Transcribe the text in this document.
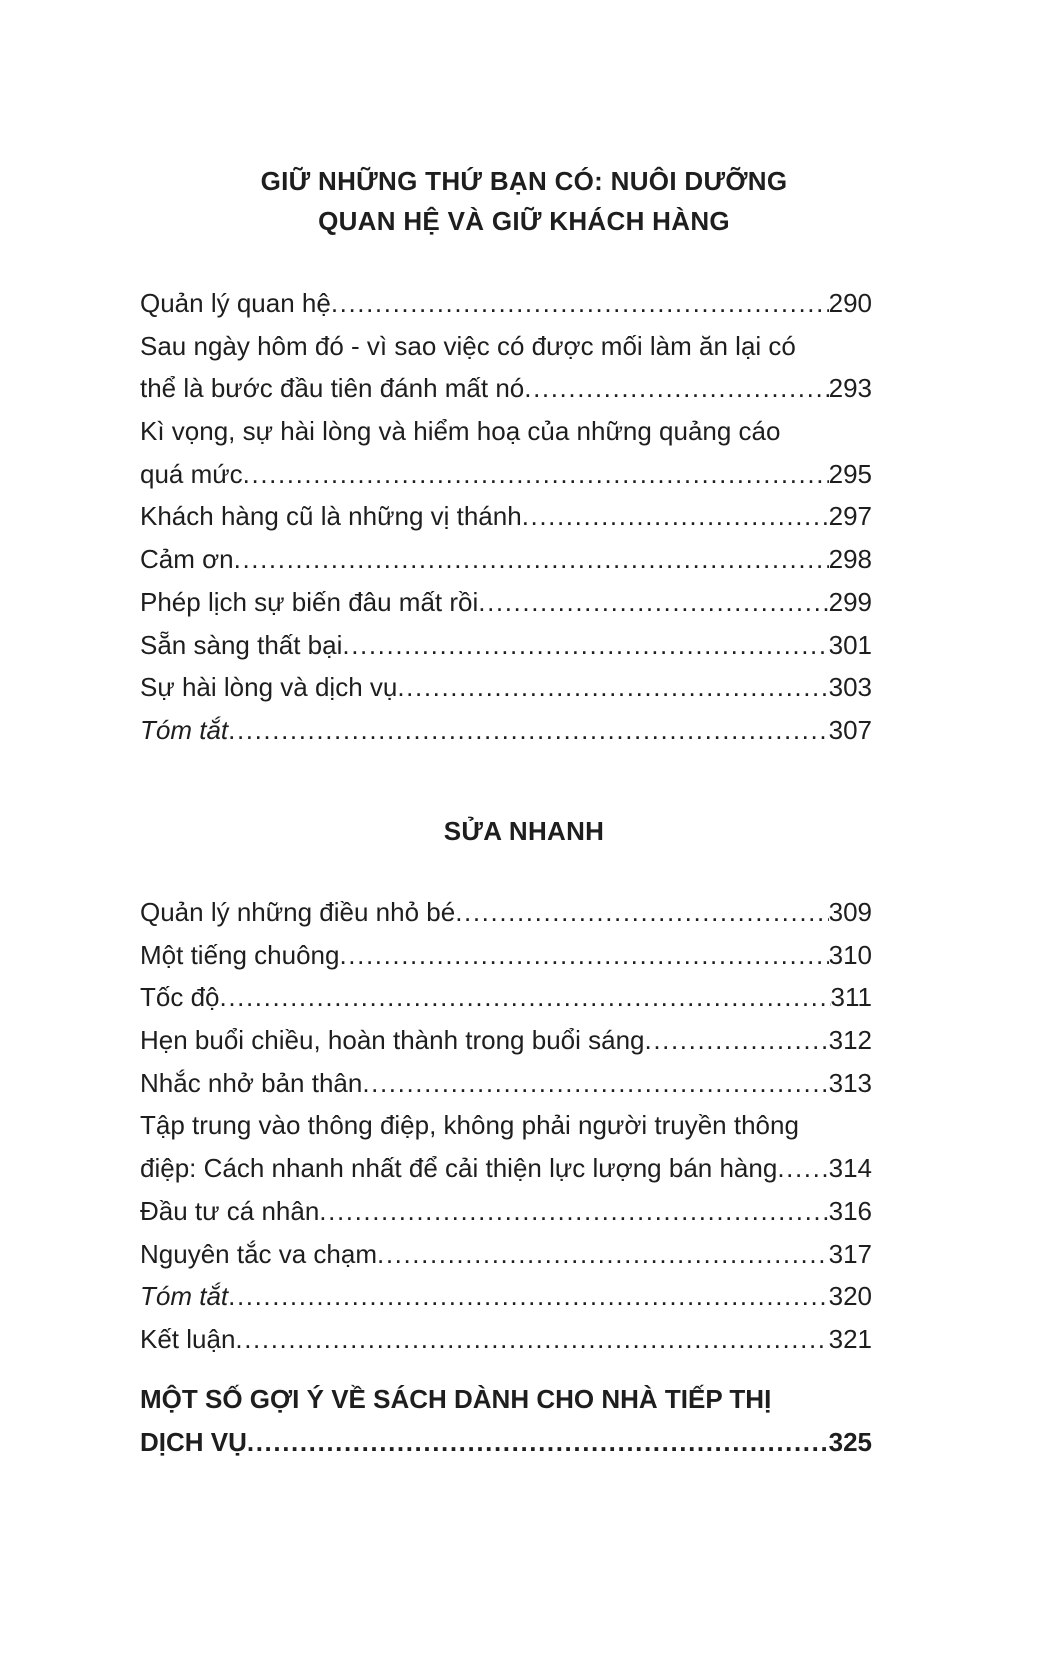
GIỮ NHỮNG THỨ BẠN CÓ: NUÔI DƯỠNG
QUAN HỆ VÀ GIỮ KHÁCH HÀNG
Quản lý quan hệ .....	290
Sau ngày hôm đó - vì sao việc có được mối làm ăn lại có
thể là bước đầu tiên đánh mất nó .....	293
Kì vọng, sự hài lòng và hiểm hoạ của những quảng cáo
quá mức .....	295
Khách hàng cũ là những vị thánh .....	297
Cảm ơn .....	298
Phép lịch sự biến đâu mất rồi .....	299
Sẵn sàng thất bại .....	301
Sự hài lòng và dịch vụ .....	303
Tóm tắt .....	307
SỬA NHANH
Quản lý những điều nhỏ bé .....	309
Một tiếng chuông .....	310
Tốc độ .....	311
Hẹn buổi chiều, hoàn thành trong buổi sáng .....	312
Nhắc nhở bản thân .....	313
Tập trung vào thông điệp, không phải người truyền thông
điệp: Cách nhanh nhất để cải thiện lực lượng bán hàng ..... 314
Đầu tư cá nhân .....	316
Nguyên tắc va chạm .....	317
Tóm tắt .....	320
Kết luận .....	321
MỘT SỐ GỢI Ý VỀ SÁCH DÀNH CHO NHÀ TIẾP THỊ
DỊCH VỤ .....	325
